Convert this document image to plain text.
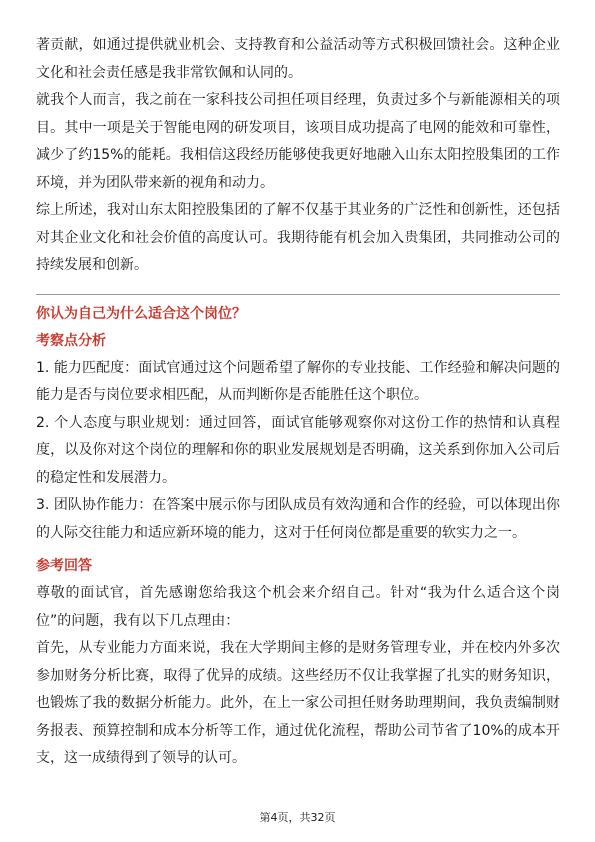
著贡献，如通过提供就业机会、支持教育和公益活动等方式积极回馈社会。这种企业文化和社会责任感是我非常钦佩和认同的。

就我个人而言，我之前在一家科技公司担任项目经理，负责过多个与新能源相关的项目。其中一项是关于智能电网的研发项目，该项目成功提高了电网的能效和可靠性，减少了约15%的能耗。我相信这段经历能够使我更好地融入山东太阳控股集团的工作环境，并为团队带来新的视角和动力。

综上所述，我对山东太阳控股集团的了解不仅基于其业务的广泛性和创新性，还包括对其企业文化和社会价值的高度认可。我期待能有机会加入贵集团，共同推动公司的持续发展和创新。

你认为自己为什么适合这个岗位？

考察点分析

1. 能力匹配度：面试官通过这个问题希望了解你的专业技能、工作经验和解决问题的能力是否与岗位要求相匹配，从而判断你是否能胜任这个职位。

2. 个人态度与职业规划：通过回答，面试官能够观察你对这份工作的热情和认真程度，以及你对这个岗位的理解和你的职业发展规划是否明确，这关系到你加入公司后的稳定性和发展潜力。

3. 团队协作能力：在答案中展示你与团队成员有效沟通和合作的经验，可以体现出你的人际交往能力和适应新环境的能力，这对于任何岗位都是重要的软实力之一。

参考回答

尊敬的面试官，首先感谢您给我这个机会来介绍自己。针对“我为什么适合这个岗位”的问题，我有以下几点理由：

首先，从专业能力方面来说，我在大学期间主修的是财务管理专业，并在校内外多次参加财务分析比赛，取得了优异的成绩。这些经历不仅让我掌握了扎实的财务知识，也锻炼了我的数据分析能力。此外，在上一家公司担任财务助理期间，我负责编制财务报表、预算控制和成本分析等工作，通过优化流程，帮助公司节省了10%的成本开支，这一成绩得到了领导的认可。

第4页，共32页
